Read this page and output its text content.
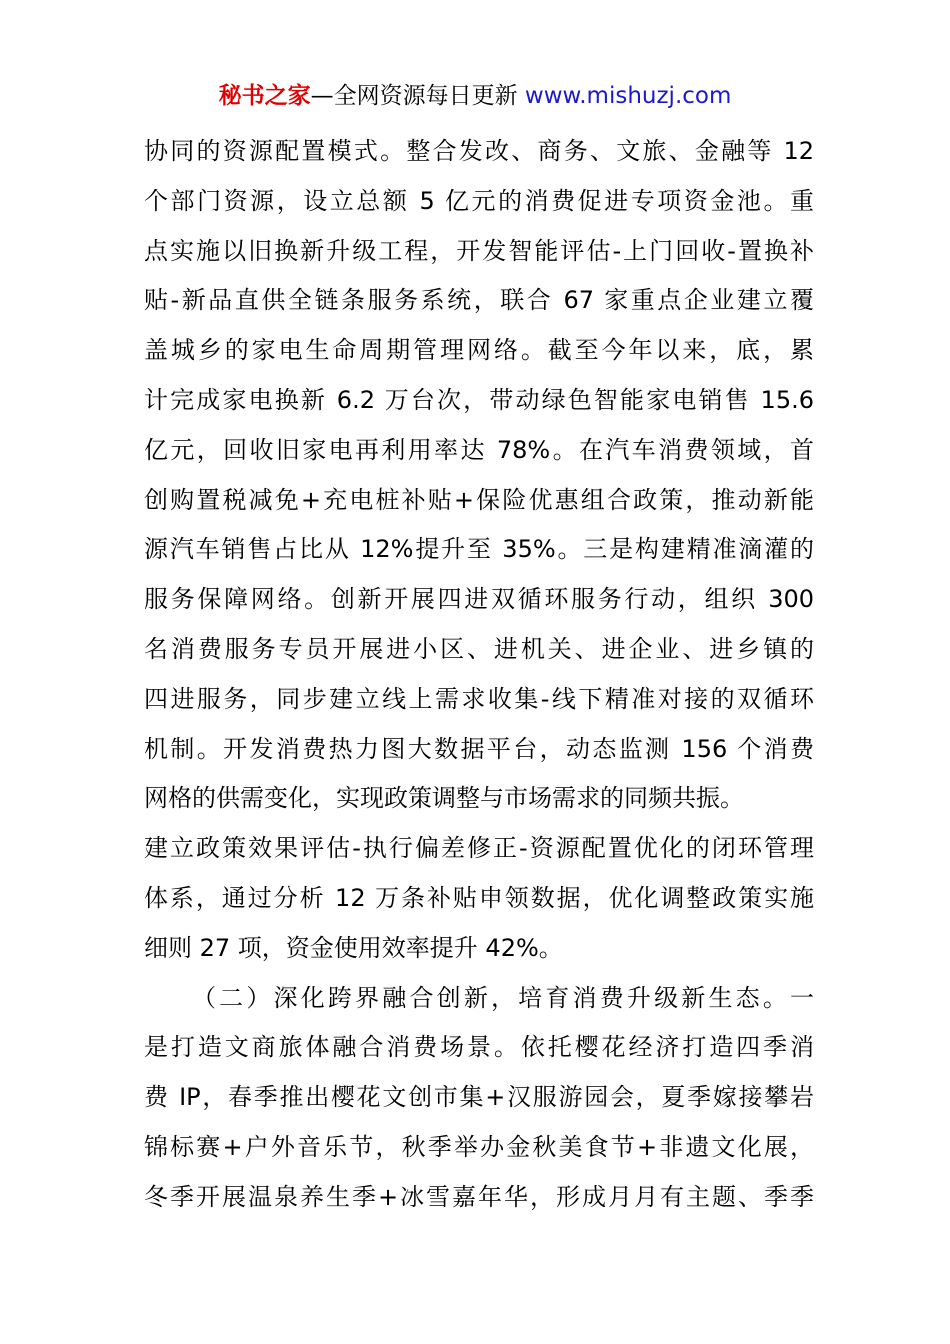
秘书之家—全网资源每日更新 www.mishuzj.com
协同的资源配置模式。整合发改、商务、文旅、金融等 12
个部门资源，设立总额 5 亿元的消费促进专项资金池。重
点实施以旧换新升级工程，开发智能评估-上门回收-置换补
贴-新品直供全链条服务系统，联合 67 家重点企业建立覆
盖城乡的家电生命周期管理网络。截至今年以来，底，累
计完成家电换新 6.2 万台次，带动绿色智能家电销售 15.6
亿元，回收旧家电再利用率达 78%。在汽车消费领域，首
创购置税减免+充电桩补贴+保险优惠组合政策，推动新能
源汽车销售占比从 12%提升至 35%。三是构建精准滴灌的
服务保障网络。创新开展四进双循环服务行动，组织 300
名消费服务专员开展进小区、进机关、进企业、进乡镇的
四进服务，同步建立线上需求收集-线下精准对接的双循环
机制。开发消费热力图大数据平台，动态监测 156 个消费
网格的供需变化，实现政策调整与市场需求的同频共振。
建立政策效果评估-执行偏差修正-资源配置优化的闭环管理
体系，通过分析 12 万条补贴申领数据，优化调整政策实施
细则 27 项，资金使用效率提升 42%。
（二）深化跨界融合创新，培育消费升级新生态。一
是打造文商旅体融合消费场景。依托樱花经济打造四季消
费 IP，春季推出樱花文创市集+汉服游园会，夏季嫁接攀岩
锦标赛+户外音乐节，秋季举办金秋美食节+非遗文化展，
冬季开展温泉养生季+冰雪嘉年华，形成月月有主题、季季
